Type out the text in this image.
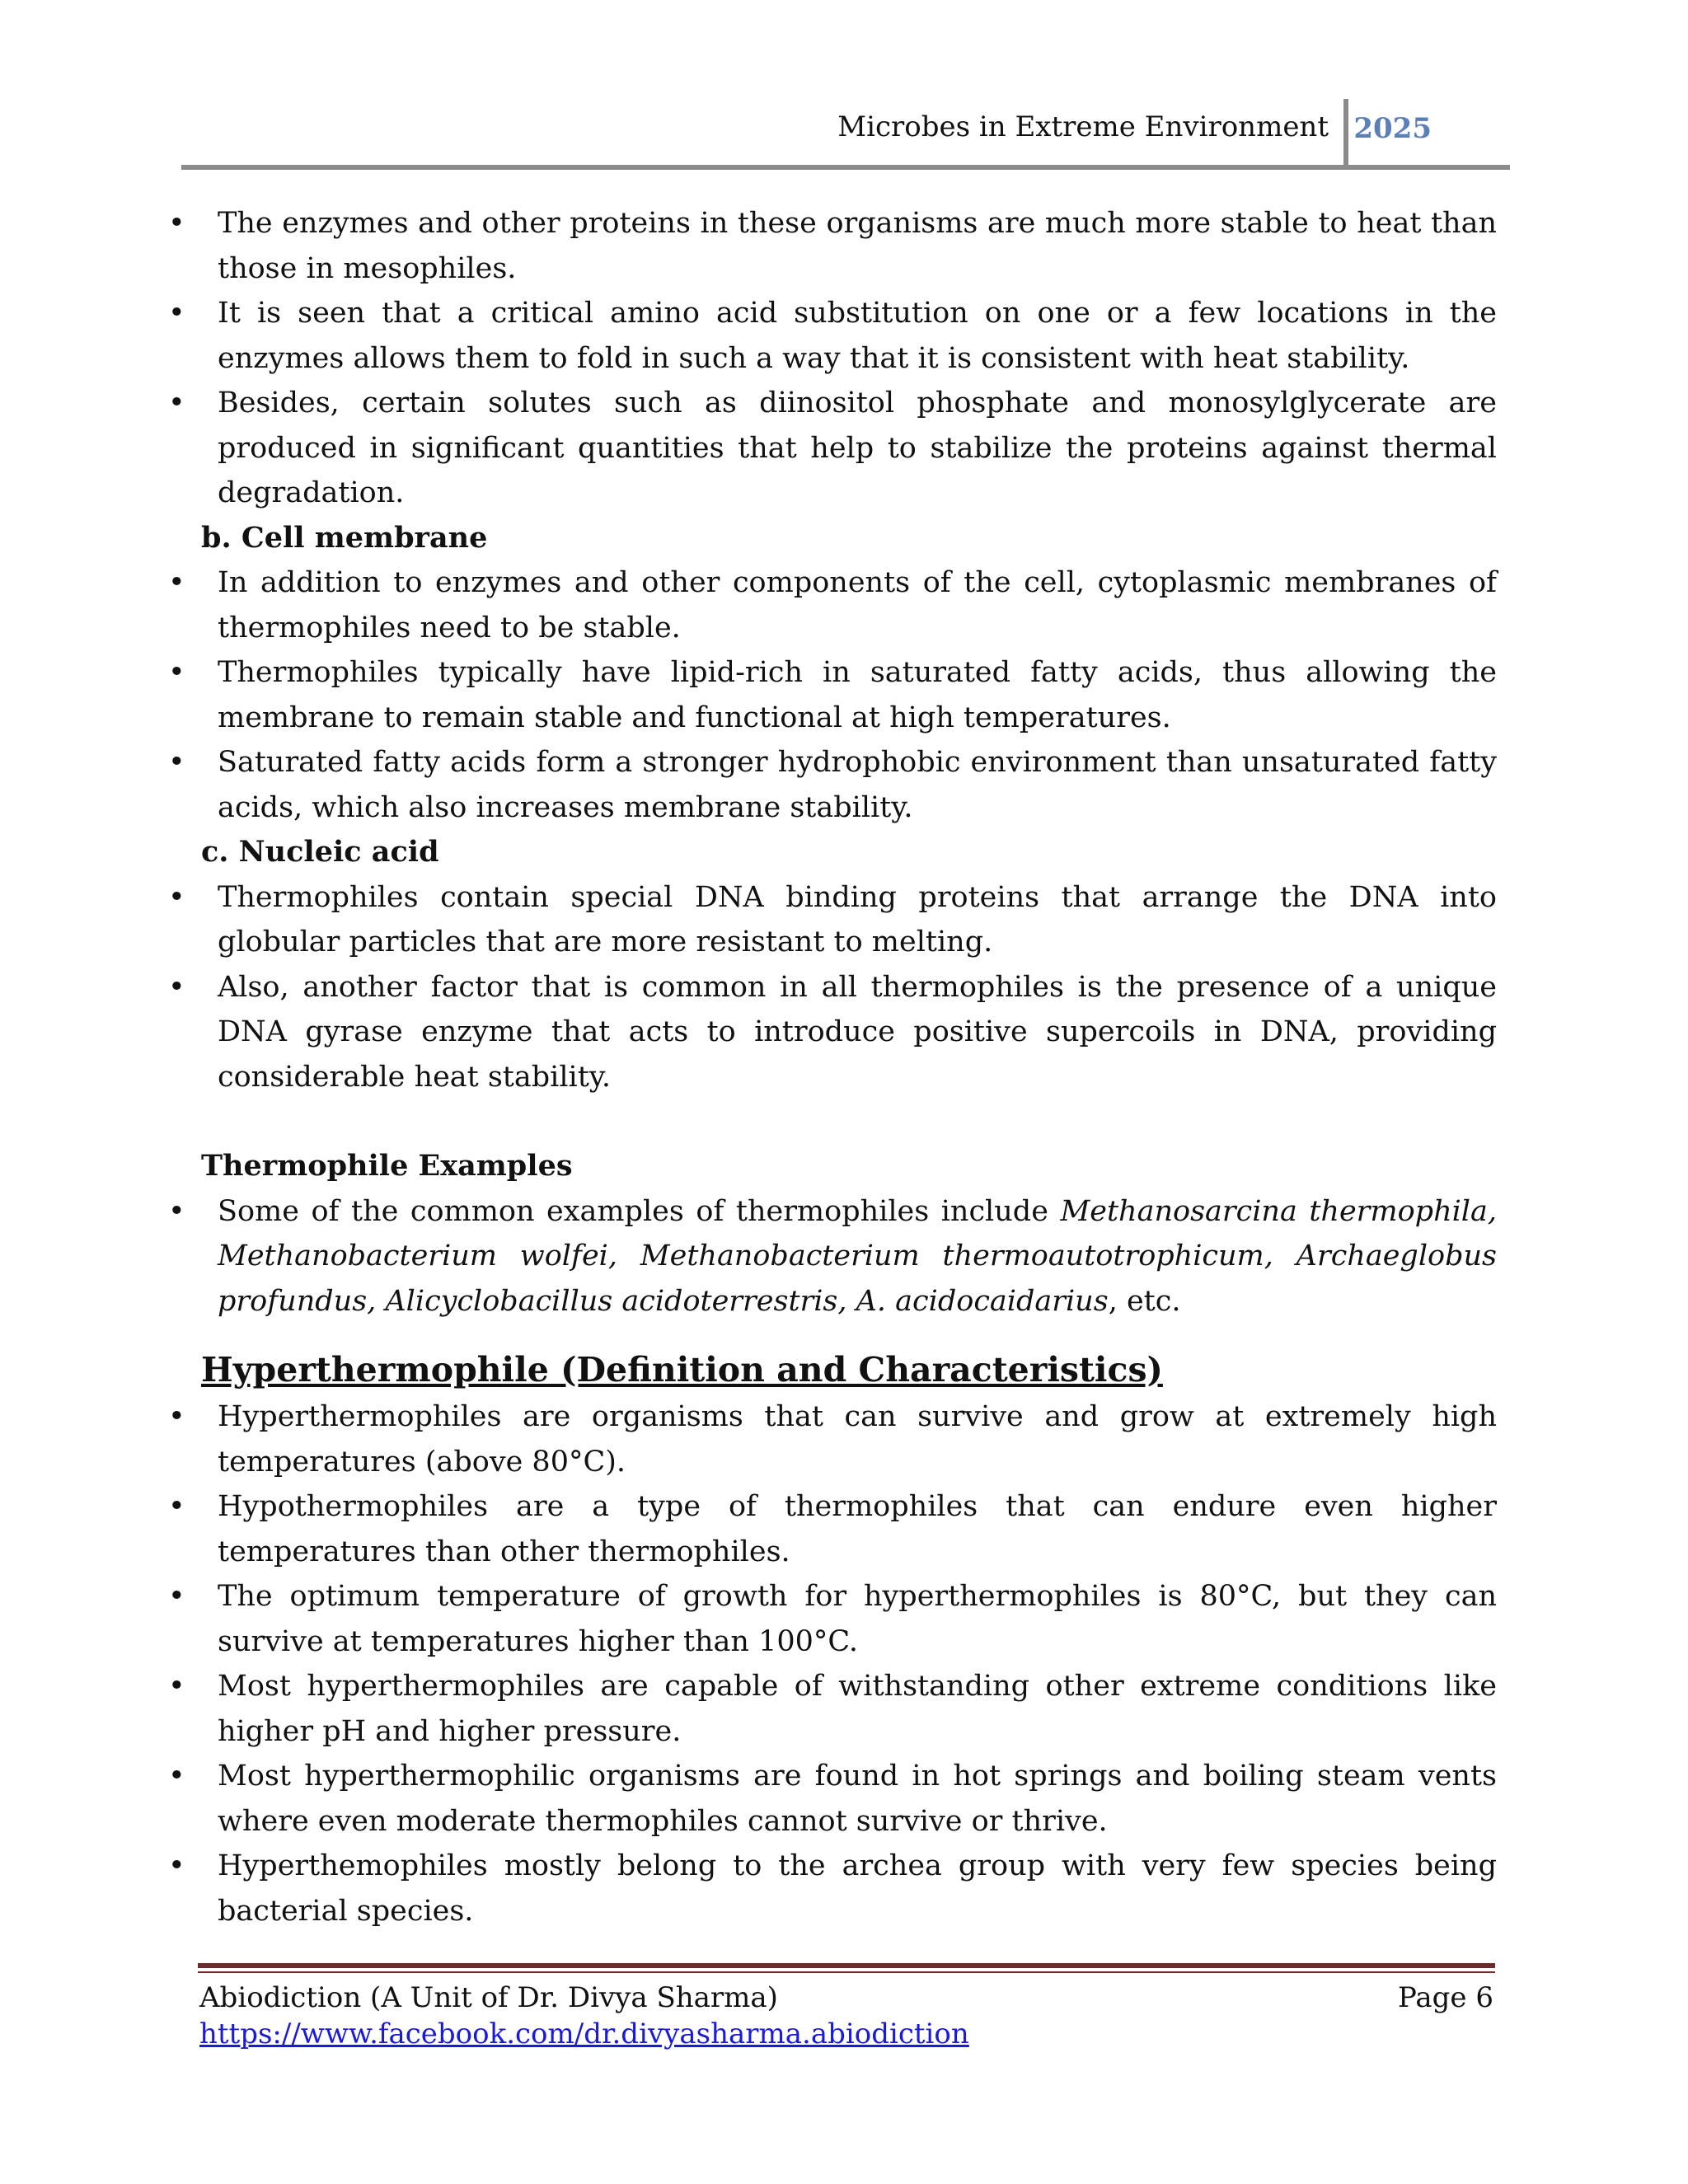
Microbes in Extreme Environment 2025
• The enzymes and other proteins in these organisms are much more stable to heat than those in mesophiles.
• It is seen that a critical amino acid substitution on one or a few locations in the enzymes allows them to fold in such a way that it is consistent with heat stability.
• Besides, certain solutes such as diinositol phosphate and monosylglycerate are produced in significant quantities that help to stabilize the proteins against thermal degradation.
b. Cell membrane
• In addition to enzymes and other components of the cell, cytoplasmic membranes of thermophiles need to be stable.
• Thermophiles typically have lipid-rich in saturated fatty acids, thus allowing the membrane to remain stable and functional at high temperatures.
• Saturated fatty acids form a stronger hydrophobic environment than unsaturated fatty acids, which also increases membrane stability.
c. Nucleic acid
• Thermophiles contain special DNA binding proteins that arrange the DNA into globular particles that are more resistant to melting.
• Also, another factor that is common in all thermophiles is the presence of a unique DNA gyrase enzyme that acts to introduce positive supercoils in DNA, providing considerable heat stability.
Thermophile Examples
• Some of the common examples of thermophiles include Methanosarcina thermophila, Methanobacterium wolfei, Methanobacterium thermoautotrophicum, Archaeglobus profundus, Alicyclobacillus acidoterrestris, A. acidocaidarius, etc.
Hyperthermophile (Definition and Characteristics)
• Hyperthermophiles are organisms that can survive and grow at extremely high temperatures (above 80°C).
• Hypothermophiles are a type of thermophiles that can endure even higher temperatures than other thermophiles.
• The optimum temperature of growth for hyperthermophiles is 80°C, but they can survive at temperatures higher than 100°C.
• Most hyperthermophiles are capable of withstanding other extreme conditions like higher pH and higher pressure.
• Most hyperthermophilic organisms are found in hot springs and boiling steam vents where even moderate thermophiles cannot survive or thrive.
• Hyperthemophiles mostly belong to the archea group with very few species being bacterial species.
Abiodiction (A Unit of Dr. Divya Sharma)
https://www.facebook.com/dr.divyasharma.abiodiction
Page 6
